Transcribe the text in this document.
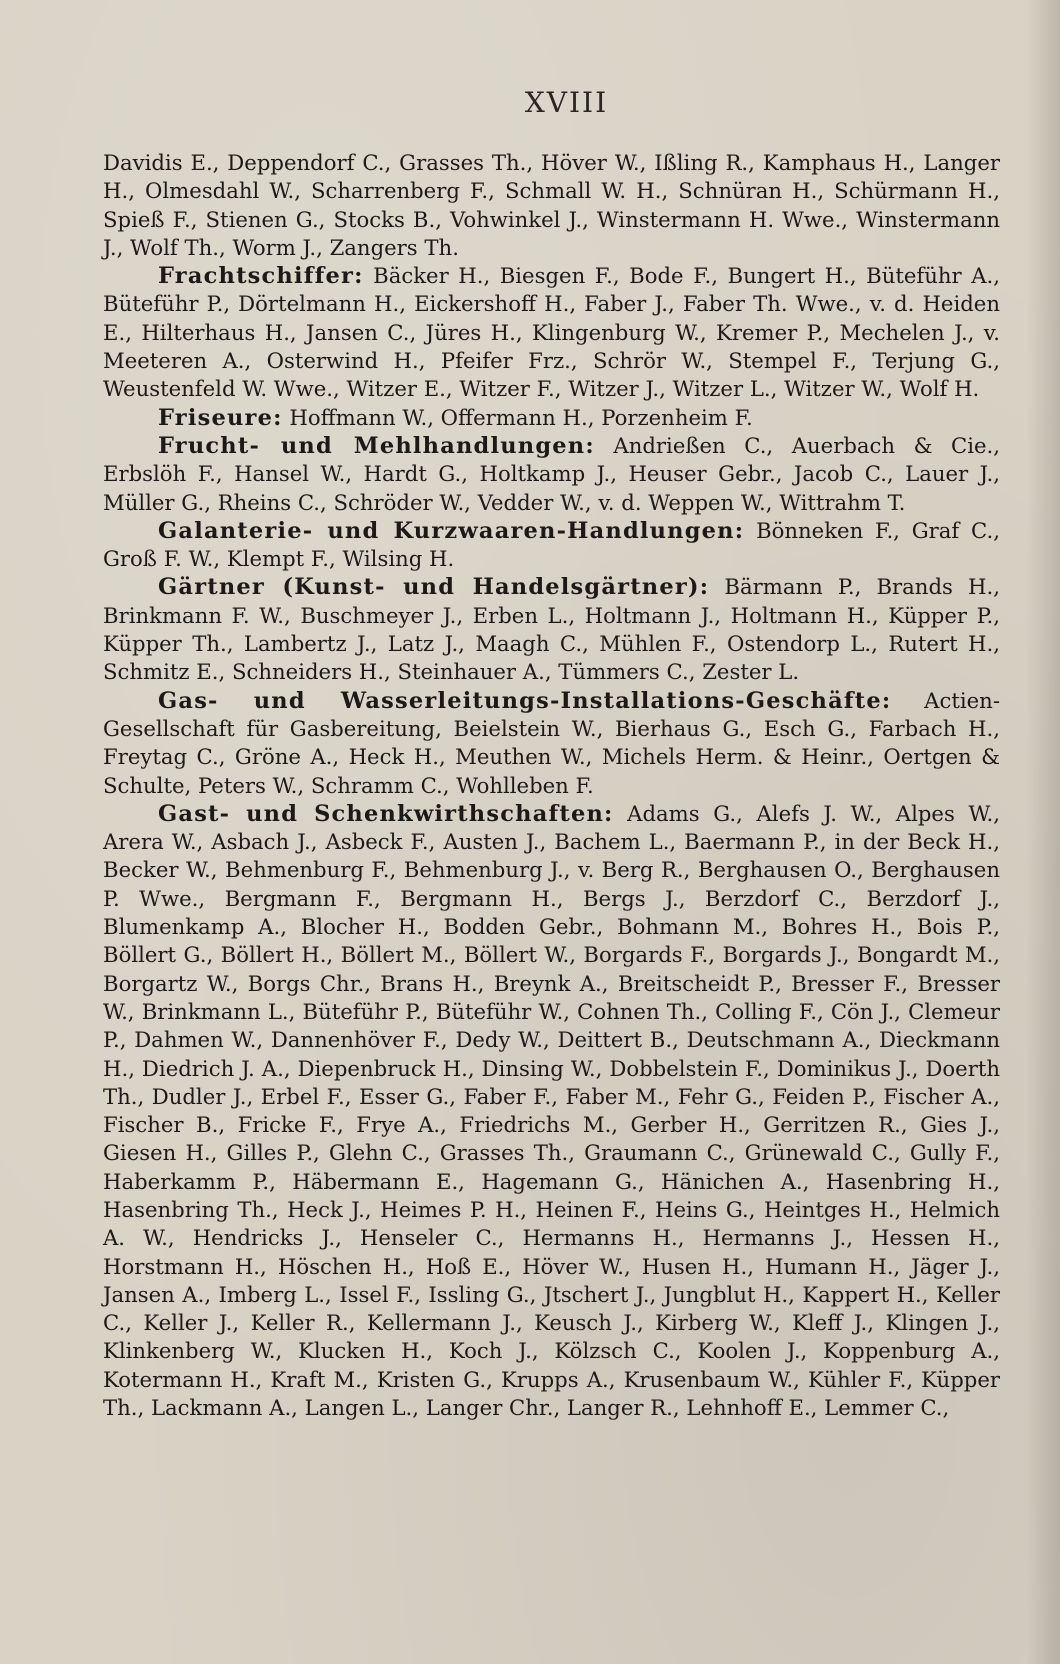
XVIII

Davidis E., Deppendorf C., Grasses Th., Höver W., Ißling R., Kamphaus H., Langer H., Olmesdahl W., Scharrenberg F., Schmall W. H., Schnüran H., Schürmann H., Spieß F., Stienen G., Stocks B., Vohwinkel J., Winstermann H. Wwe., Winstermann J., Wolf Th., Worm J., Zangers Th.

Frachtschiffer: Bäcker H., Biesgen F., Bode F., Bungert H., Büteführ A., Büteführ P., Dörtelmann H., Eickershoff H., Faber J., Faber Th. Wwe., v. d. Heiden E., Hilterhaus H., Jansen C., Jüres H., Klingenburg W., Kremer P., Mechelen J., v. Meeteren A., Osterwind H., Pfeifer Frz., Schrör W., Stempel F., Terjung G., Weustenfeld W. Wwe., Witzer E., Witzer F., Witzer J., Witzer L., Witzer W., Wolf H.

Friseure: Hoffmann W., Offermann H., Porzenheim F.

Frucht- und Mehlhandlungen: Andrießen C., Auerbach & Cie., Erbslöh F., Hansel W., Hardt G., Holtkamp J., Heuser Gebr., Jacob C., Lauer J., Müller G., Rheins C., Schröder W., Vedder W., v. d. Weppen W., Wittrahm T.

Galanterie- und Kurzwaaren-Handlungen: Bönneken F., Graf C., Groß F. W., Klempt F., Wilsing H.

Gärtner (Kunst- und Handelsgärtner): Bärmann P., Brands H., Brinkmann F. W., Buschmeyer J., Erben L., Holtmann J., Holtmann H., Küpper P., Küpper Th., Lambertz J., Latz J., Maagh C., Mühlen F., Ostendorp L., Rutert H., Schmitz E., Schneiders H., Steinhauer A., Tümmers C., Zester L.

Gas- und Wasserleitungs-Installations-Geschäfte: Actien-Gesellschaft für Gasbereitung, Beielstein W., Bierhaus G., Esch G., Farbach H., Freytag C., Gröne A., Heck H., Meuthen W., Michels Herm. & Heinr., Oertgen & Schulte, Peters W., Schramm C., Wohlleben F.

Gast- und Schenkwirthschaften: Adams G., Alefs J. W., Alpes W., Arera W., Asbach J., Asbeck F., Austen J., Bachem L., Baermann P., in der Beck H., Becker W., Behmenburg F., Behmenburg J., v. Berg R., Berghausen O., Berghausen P. Wwe., Bergmann F., Bergmann H., Bergs J., Berzdorf C., Berzdorf J., Blumenkamp A., Blocher H., Bodden Gebr., Bohmann M., Bohres H., Bois P., Böllert G., Böllert H., Böllert M., Böllert W., Borgards F., Borgards J., Bongardt M., Borgartz W., Borgs Chr., Brans H., Breynk A., Breitscheidt P., Bresser F., Bresser W., Brinkmann L., Büteführ P., Büteführ W., Cohnen Th., Colling F., Cön J., Clemeur P., Dahmen W., Dannenhöver F., Dedy W., Deittert B., Deutschmann A., Dieckmann H., Diedrich J. A., Diepenbruck H., Dinsing W., Dobbelstein F., Dominikus J., Doerth Th., Dudler J., Erbel F., Esser G., Faber F., Faber M., Fehr G., Feiden P., Fischer A., Fischer B., Fricke F., Frye A., Friedrichs M., Gerber H., Gerritzen R., Gies J., Giesen H., Gilles P., Glehn C., Grasses Th., Graumann C., Grünewald C., Gully F., Haberkamm P., Häbermann E., Hagemann G., Hänichen A., Hasenbring H., Hasenbring Th., Heck J., Heimes P. H., Heinen F., Heins G., Heintges H., Helmich A. W., Hendricks J., Henseler C., Hermanns H., Hermanns J., Hessen H., Horstmann H., Höschen H., Hoß E., Höver W., Husen H., Humann H., Jäger J., Jansen A., Imberg L., Issel F., Issling G., Jtschert J., Jungblut H., Kappert H., Keller C., Keller J., Keller R., Kellermann J., Keusch J., Kirberg W., Kleff J., Klingen J., Klinkenberg W., Klucken H., Koch J., Kölzsch C., Koolen J., Koppenburg A., Kotermann H., Kraft M., Kristen G., Krupps A., Krusenbaum W., Kühler F., Küpper Th., Lackmann A., Langen L., Langer Chr., Langer R., Lehnhoff E., Lemmer C.,
